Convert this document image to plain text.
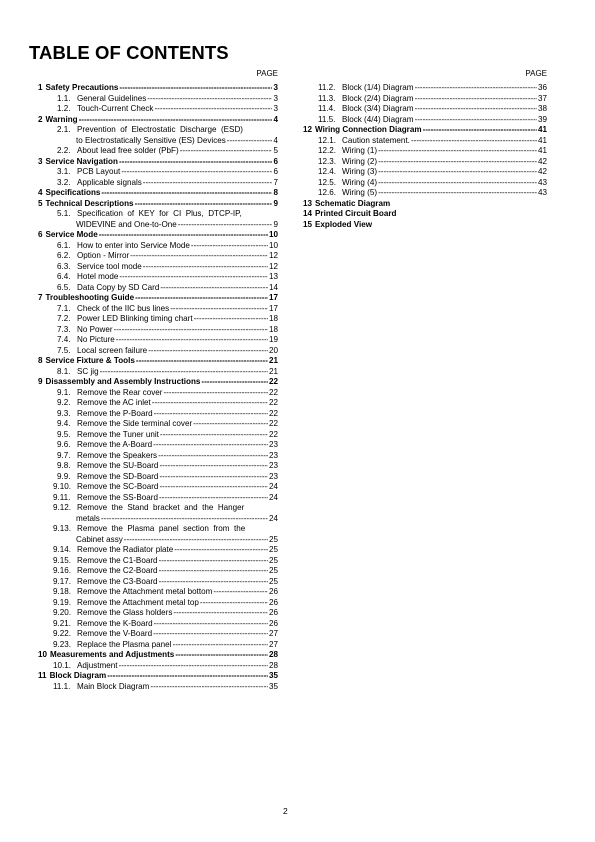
TABLE OF CONTENTS
PAGE
1 Safety Precautions -----	3
1.1. General Guidelines -----	3
1.2. Touch-Current Check -----	3
2 Warning -----	4
2.1. Prevention  of  Electrostatic  Discharge  (ESD)
to Electrostatically Sensitive (ES) Devices -----	4
2.2. About lead free solder (PbF) -----	5
3 Service Navigation -----	6
3.1. PCB Layout -----	6
3.2. Applicable signals -----	7
4 Specifications -----	8
5 Technical Descriptions -----	9
5.1. Specification  of  KEY  for  CI  Plus,  DTCP-IP,
WIDEVINE and One-to-One -----	9
6 Service Mode -----	10
6.1. How to enter into Service Mode -----	10
6.2. Option - Mirror -----	12
6.3. Service tool mode -----	12
6.4. Hotel mode -----	13
6.5. Data Copy by SD Card -----	14
7 Troubleshooting Guide -----	17
7.1. Check of the IIC bus lines -----	17
7.2. Power LED Blinking timing chart -----	18
7.3. No Power -----	18
7.4. No Picture -----	19
7.5. Local screen failure -----	20
8 Service Fixture & Tools -----	21
8.1. SC jig -----	21
9 Disassembly and Assembly Instructions -----	22
9.1. Remove the Rear cover -----	22
9.2. Remove the AC inlet -----	22
9.3. Remove the P-Board -----	22
9.4. Remove the Side terminal cover -----	22
9.5. Remove the Tuner unit -----	22
9.6. Remove the A-Board -----	23
9.7. Remove the Speakers -----	23
9.8. Remove the SU-Board -----	23
9.9. Remove the SD-Board -----	23
9.10. Remove the SC-Board -----	24
9.11. Remove the SS-Board -----	24
9.12. Remove  the  Stand  bracket  and  the  Hanger
metals -----	24
9.13. Remove  the  Plasma  panel  section  from  the
Cabinet assy -----	25
9.14. Remove the Radiator plate -----	25
9.15. Remove the C1-Board -----	25
9.16. Remove the C2-Board -----	25
9.17. Remove the C3-Board -----	25
9.18. Remove the Attachment metal bottom -----	26
9.19. Remove the Attachment metal top -----	26
9.20. Remove the Glass holders -----	26
9.21. Remove the K-Board -----	26
9.22. Remove the V-Board -----	27
9.23. Replace the Plasma panel -----	27
10 Measurements and Adjustments -----	28
10.1. Adjustment -----	28
11 Block Diagram -----	35
11.1. Main Block Diagram -----	35
PAGE
11.2. Block (1/4) Diagram -----	36
11.3. Block (2/4) Diagram -----	37
11.4. Block (3/4) Diagram -----	38
11.5. Block (4/4) Diagram -----	39
12 Wiring Connection Diagram -----	41
12.1. Caution statement. -----	41
12.2. Wiring (1) -----	41
12.3. Wiring (2) -----	42
12.4. Wiring (3) -----	42
12.5. Wiring (4) -----	43
12.6. Wiring (5) -----	43
13 Schematic Diagram
14 Printed Circuit Board
15 Exploded View
2
